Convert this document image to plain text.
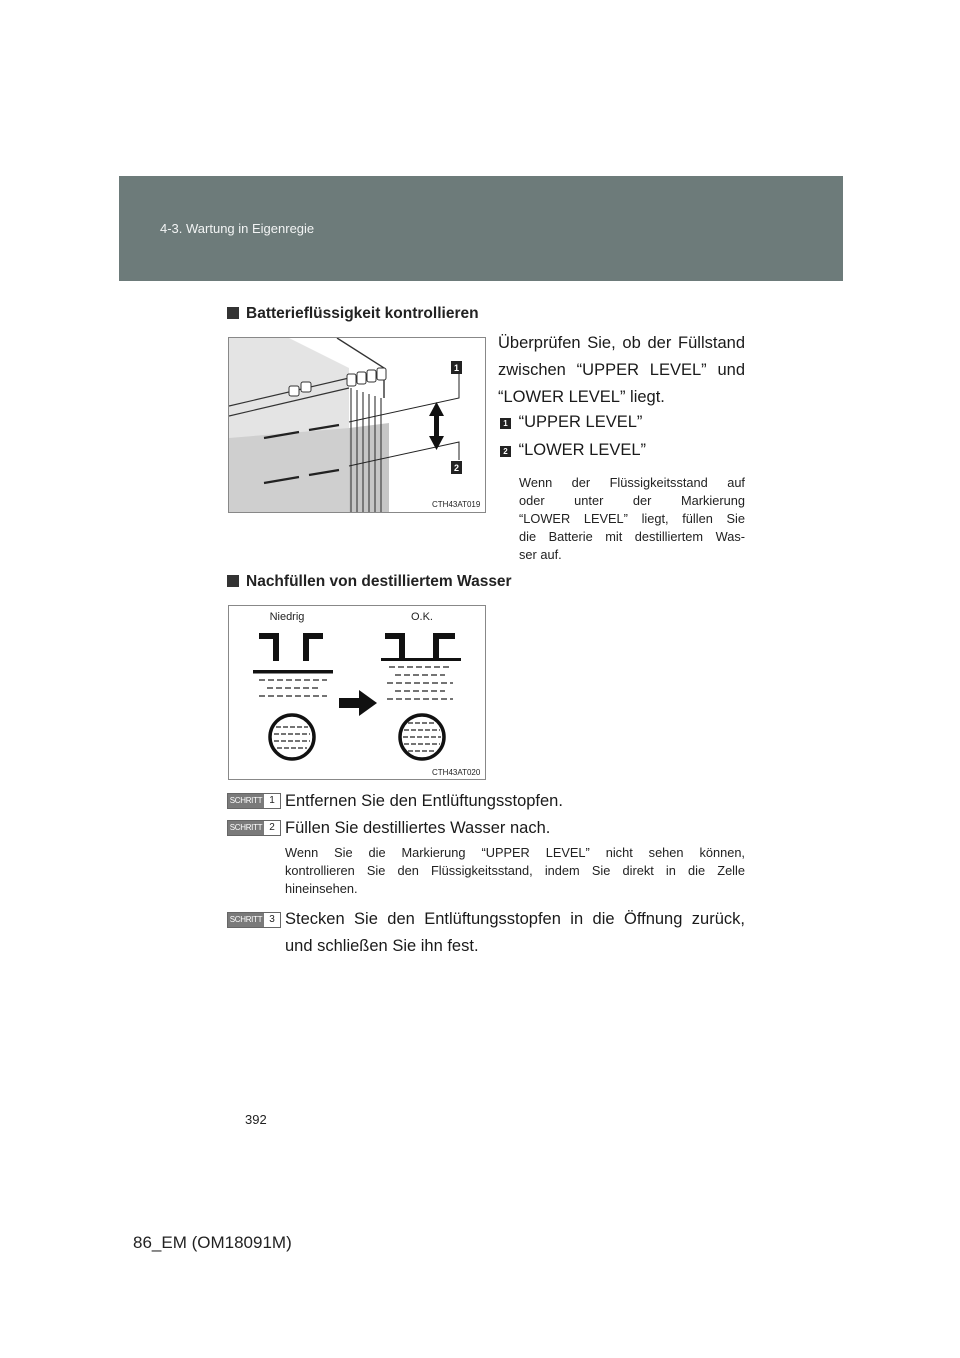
4-3. Wartung in Eigenregie
Batterieflüssigkeit kontrollieren
1
2
CTH43AT019
Überprüfen Sie, ob der Füllstand
zwischen “UPPER LEVEL” und
“LOWER LEVEL” liegt.
1 “UPPER LEVEL”
2 “LOWER LEVEL”
Wenn der Flüssigkeitsstand auf
oder unter der Markierung
“LOWER LEVEL” liegt, füllen Sie
die Batterie mit destilliertem Was-
ser auf.
Nachfüllen von destilliertem Wasser
Niedrig	O.K.
CTH43AT020
SCHRITT 1 Entfernen Sie den Entlüftungsstopfen.
SCHRITT 2 Füllen Sie destilliertes Wasser nach.
Wenn Sie die Markierung “UPPER LEVEL” nicht sehen können,
kontrollieren Sie den Flüssigkeitsstand, indem Sie direkt in die Zelle
hineinsehen.
SCHRITT 3 Stecken Sie den Entlüftungsstopfen in die Öffnung zurück,
und schließen Sie ihn fest.
392
86_EM (OM18091M)
